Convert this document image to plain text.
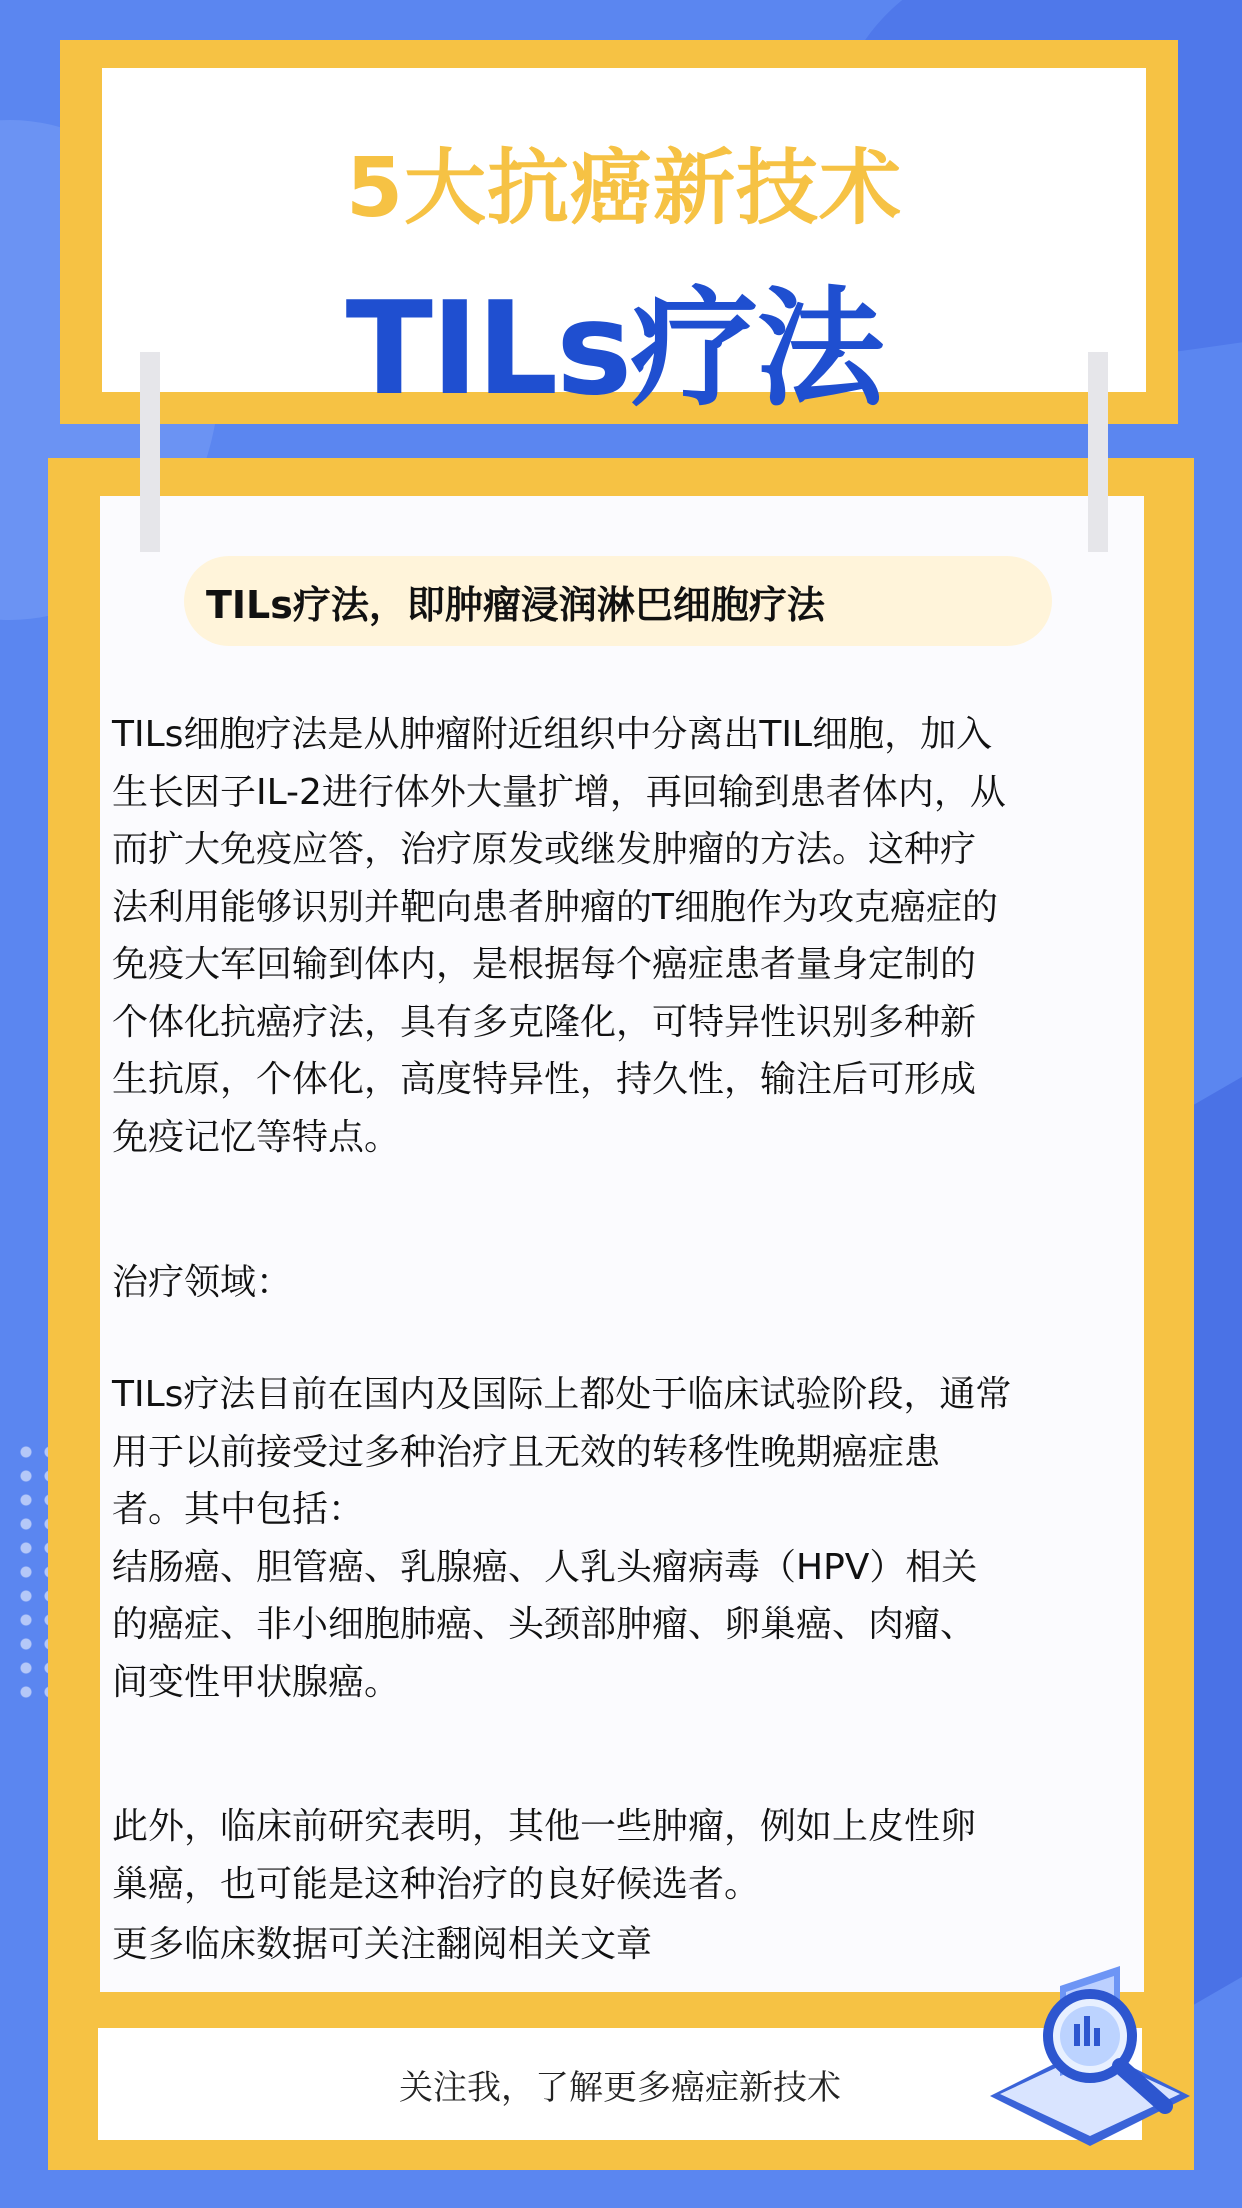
5大抗癌新技术
TILs疗法
TILs疗法，即肿瘤浸润淋巴细胞疗法

TILs细胞疗法是从肿瘤附近组织中分离出TIL细胞，加入
生长因子IL-2进行体外大量扩增，再回输到患者体内，从
而扩大免疫应答，治疗原发或继发肿瘤的方法。这种疗
法利用能够识别并靶向患者肿瘤的T细胞作为攻克癌症的
免疫大军回输到体内，是根据每个癌症患者量身定制的
个体化抗癌疗法，具有多克隆化，可特异性识别多种新
生抗原，个体化，高度特异性，持久性，输注后可形成
免疫记忆等特点。

治疗领域：

TILs疗法目前在国内及国际上都处于临床试验阶段，通常
用于以前接受过多种治疗且无效的转移性晚期癌症患
者。其中包括：
结肠癌、胆管癌、乳腺癌、人乳头瘤病毒（HPV）相关
的癌症、非小细胞肺癌、头颈部肿瘤、卵巢癌、肉瘤、
间变性甲状腺癌。

此外，临床前研究表明，其他一些肿瘤，例如上皮性卵
巢癌，也可能是这种治疗的良好候选者。

更多临床数据可关注翻阅相关文章

关注我，了解更多癌症新技术
